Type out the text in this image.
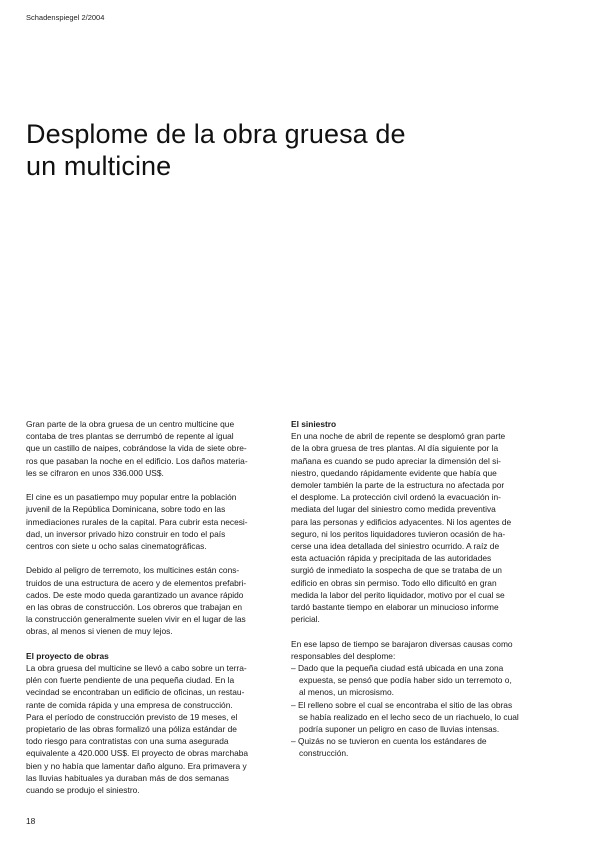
Schadenspiegel 2/2004
Desplome de la obra gruesa de
un multicine

Gran parte de la obra gruesa de un centro multicine que
contaba de tres plantas se derrumbó de repente al igual
que un castillo de naipes, cobrándose la vida de siete obre-
ros que pasaban la noche en el edificio. Los daños materia-
les se cifraron en unos 336.000 US$.

El cine es un pasatiempo muy popular entre la población
juvenil de la República Dominicana, sobre todo en las
inmediaciones rurales de la capital. Para cubrir esta necesi-
dad, un inversor privado hizo construir en todo el país
centros con siete u ocho salas cinematográficas.

Debido al peligro de terremoto, los multicines están cons-
truidos de una estructura de acero y de elementos prefabri-
cados. De este modo queda garantizado un avance rápido
en las obras de construcción. Los obreros que trabajan en
la construcción generalmente suelen vivir en el lugar de las
obras, al menos si vienen de muy lejos.

El proyecto de obras
La obra gruesa del multicine se llevó a cabo sobre un terra-
plén con fuerte pendiente de una pequeña ciudad. En la
vecindad se encontraban un edificio de oficinas, un restau-
rante de comida rápida y una empresa de construcción.
Para el período de construcción previsto de 19 meses, el
propietario de las obras formalizó una póliza estándar de
todo riesgo para contratistas con una suma asegurada
equivalente a 420.000 US$. El proyecto de obras marchaba
bien y no había que lamentar daño alguno. Era primavera y
las lluvias habituales ya duraban más de dos semanas
cuando se produjo el siniestro.

El siniestro
En una noche de abril de repente se desplomó gran parte
de la obra gruesa de tres plantas. Al día siguiente por la
mañana es cuando se pudo apreciar la dimensión del si-
niestro, quedando rápidamente evidente que había que
demoler también la parte de la estructura no afectada por
el desplome. La protección civil ordenó la evacuación in-
mediata del lugar del siniestro como medida preventiva
para las personas y edificios adyacentes. Ni los agentes de
seguro, ni los peritos liquidadores tuvieron ocasión de ha-
cerse una idea detallada del siniestro ocurrido. A raíz de
esta actuación rápida y precipitada de las autoridades
surgió de inmediato la sospecha de que se trataba de un
edificio en obras sin permiso. Todo ello dificultó en gran
medida la labor del perito liquidador, motivo por el cual se
tardó bastante tiempo en elaborar un minucioso informe
pericial.

En ese lapso de tiempo se barajaron diversas causas como
responsables del desplome:
– Dado que la pequeña ciudad está ubicada en una zona
expuesta, se pensó que podía haber sido un terremoto o,
al menos, un microsismo.
– El relleno sobre el cual se encontraba el sitio de las obras
se había realizado en el lecho seco de un riachuelo, lo cual
podría suponer un peligro en caso de lluvias intensas.
– Quizás no se tuvieron en cuenta los estándares de
construcción.

18
